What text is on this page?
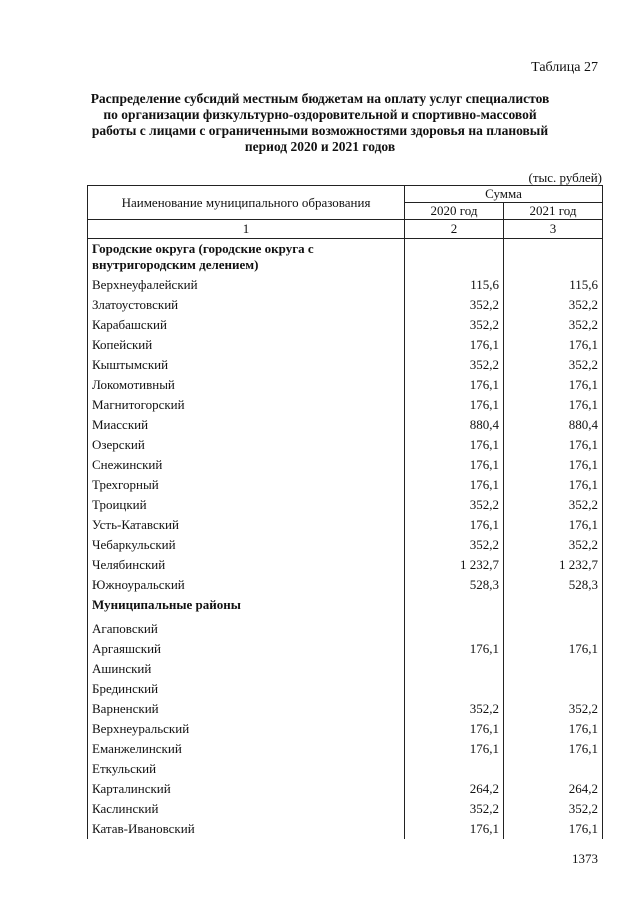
Таблица 27
Распределение субсидий местным бюджетам на оплату услуг специалистов по организации физкультурно-оздоровительной и спортивно-массовой работы с лицами с ограниченными возможностями здоровья на плановый период 2020 и 2021 годов
(тыс. рублей)
Наименование муниципального образования	Сумма	
	2020 год	2021 год
1	2	3
Городские округа (городские округа с внутригородским делением)		
Верхнеуфалейский	115,6	115,6
Златоустовский	352,2	352,2
Карабашский	352,2	352,2
Копейский	176,1	176,1
Кыштымский	352,2	352,2
Локомотивный	176,1	176,1
Магнитогорский	176,1	176,1
Миасский	880,4	880,4
Озерский	176,1	176,1
Снежинский	176,1	176,1
Трехгорный	176,1	176,1
Троицкий	352,2	352,2
Усть-Катавский	176,1	176,1
Чебаркульский	352,2	352,2
Челябинский	1 232,7	1 232,7
Южноуральский	528,3	528,3
Муниципальные районы		
Агаповский		
Аргаяшский	176,1	176,1
Ашинский		
Брединский		
Варненский	352,2	352,2
Верхнеуральский	176,1	176,1
Еманжелинский	176,1	176,1
Еткульский		
Карталинский	264,2	264,2
Каслинский	352,2	352,2
Катав-Ивановский	176,1	176,1
1373
